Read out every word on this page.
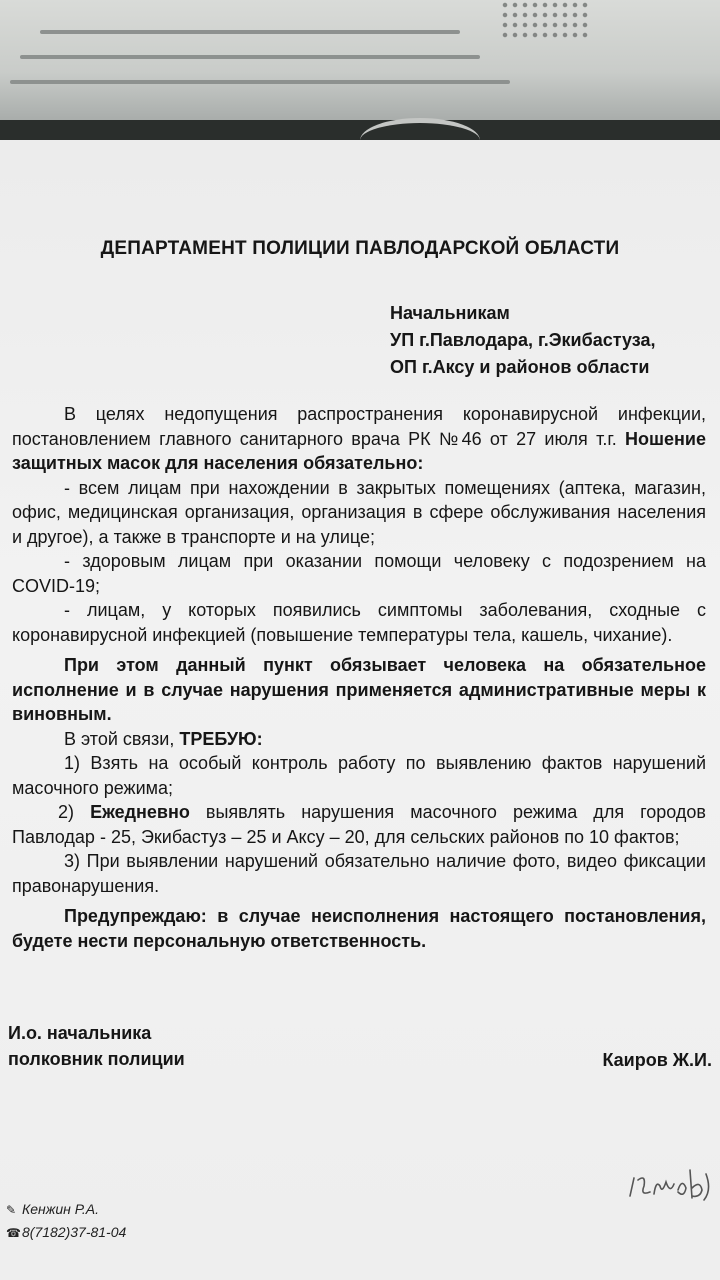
ДЕПАРТАМЕНТ ПОЛИЦИИ ПАВЛОДАРСКОЙ ОБЛАСТИ
Начальникам
УП г.Павлодара, г.Экибастуза,
ОП г.Аксу и районов области

В целях недопущения распространения коронавирусной инфекции, постановлением главного санитарного врача РК №46 от 27 июля т.г. Ношение защитных масок для населения обязательно:

- всем лицам при нахождении в закрытых помещениях (аптека, магазин, офис, медицинская организация, организация в сфере обслуживания населения и другое), а также в транспорте и на улице;

- здоровым лицам при оказании помощи человеку с подозрением на COVID-19;

- лицам, у которых появились симптомы заболевания, сходные с коронавирусной инфекцией (повышение температуры тела, кашель, чихание).

При этом данный пункт обязывает человека на обязательное исполнение и в случае нарушения применяется административные меры к виновным.

В этой связи, ТРЕБУЮ:

1) Взять на особый контроль работу по выявлению фактов нарушений масочного режима;

2) Ежедневно выявлять нарушения масочного режима для городов Павлодар - 25, Экибастуз – 25 и Аксу – 20, для сельских районов по 10 фактов;

3) При выявлении нарушений обязательно наличие фото, видео фиксации правонарушения.

Предупреждаю: в случае неисполнения настоящего постановления, будете нести персональную ответственность.

И.о. начальника
полковник полиции	Каиров Ж.И.
✎ Кенжин Р.А.
☎8(7182)37-81-04
